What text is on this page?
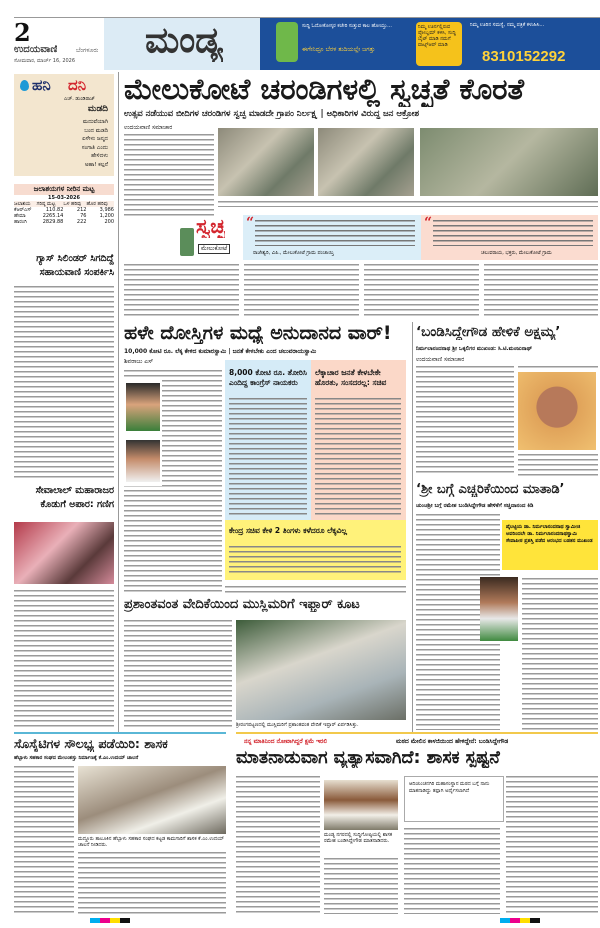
2
ಉದಯವಾಣಿ	ಬೆಂಗಳೂರು
ಸೋಮವಾರ, ಮಾರ್ಚ್ 16, 2026 ಮಂಡ್ಯ	ಸುದ್ದಿ ಓದೋಕೋಸ್ಕರ ಕಚೇರಿ ಸುತ್ತುವ ಕಾಲ ಹೋಯ್ತು...
ಈಗೇನಿದ್ರೂ ಬೆರಳ ತುದಿಯಲ್ಲೇ ಜಗತ್ತು
ನಿಮ್ಮ ಊರ್ನಲ್ಲಿರುವ ಪ್ರೋಬ್ಲಮ್ ಕಳಿಸಿ, ಸುದ್ದಿ ಬೈಟ್ ಮಾಡಿ ನಮಗೆ ವಾಟ್ಸ್ಆಪ್ ಮಾಡಿ
ನಿಮ್ಮ ಊರಿನ ಸಮಸ್ಯೆ, ನಮ್ಮ ಪತ್ರಿಕೆ ಕಳುಹಿಸಿ...
8310152292
ಮೇಲುಕೋಟೆ ಚರಂಡಿಗಳಲ್ಲಿ ಸ್ವಚ್ಛತೆ ಕೊರತೆ
ಉತ್ಸವ ನಡೆಯುವ ಬೀದಿಗಳ ಚರಂಡಿಗಳ ಸ್ವಚ್ಛ ಮಾಡದೇ ಗ್ರಾಪಂ ನಿರ್ಲಕ್ಷ್ಯ | ಅಧಿಕಾರಿಗಳ ವಿರುದ್ಧ ಜನ ಆಕ್ರೋಶ
ಉದಯವಾಣಿ ಸಮಾಚಾರ
ಸ್ವಚ್ಛ
ಮೇಲುಕೋಟೆ
“
ರಾಜೇಶ್ವರಿ, ವಿಪಿ., ಮೇಲುಕೋಟೆ ಗ್ರಾಮ ಪಂಚಾಯ್ತಿ
“
ಚಲುವರಾಯ, ಭಕ್ತರು, ಮೇಲುಕೋಟೆ ಗ್ರಾಮ
ಹನಿ ದನಿ
ಎಚ್. ಡುಂಡಿರಾಜ್
ಮಡದಿ
ಮದುವೆಯಾಗಿ
ಬಂದ ಮಡದಿ
ಏಳೇಳು ಜನ್ಮದ
ಸಂಗಾತಿ ಎಂದು
ಹೇಳಿದಳು
ಅಹಾ! ಕಲ್ಪನೆ
ಜಲಾಶಯಗಳ ನೀರಿನ ಮಟ್ಟ
15-03-2026
ಜಲಾಶಯ	ಗರಿಷ್ಠ ಮಟ್ಟ	ಒಳ ಹರಿವು	ಹೊರ ಹರಿವು
ಕೆಆರ್‌ಎಸ್	110.82	212	3,986
ಹೇಮಾ	2265.14	76	1,200
ಹಾರಂಗಿ	2829.88	222	200
ಗ್ಯಾಸ್ ಸಿಲಿಂಡರ್ ಸಿಗದಿದ್ದೆ ಸಹಾಯವಾಣಿ ಸಂಪರ್ಕಿಸಿ
ಸೇವಾಲಾಲ್ ಮಹಾರಾಜರ ಕೊಡುಗೆ ಅಪಾರ: ಗಣಿಗ
ಹಳೇ ದೋಸ್ತಿಗಳ ಮಧ್ಯೆ ಅನುದಾನದ ವಾರ್!
10,000 ಕೋಟಿ ರೂ. ಲೆಕ್ಕ ಕೇಳಿದ ಕುಮಾರಸ್ವಾಮಿ | ಜನತೆ ಕೇಳಬೇಕು ಎಂದ ಚಲುವರಾಯಸ್ವಾಮಿ
ಶಿವರಾಜು ಎಸ್
8,000 ಕೋಟಿ ರೂ. ತೋರಿಸಿ ಎಂದಿದ್ದ ಕಾಂಗ್ರೆಸ್ ನಾಯಕರು
ಲೆಕ್ಕಾಚಾರ ಜನತೆ ಕೇಳಬೇಕೇ ಹೊರತು, ಸಂಸದರಲ್ಲ: ಸಚಿವ
ಕೇಂದ್ರ ಸಚಿವ ಕೇಳಿ 2 ತಿಂಗಳು ಕಳೆದರೂ ಲೆಕ್ಕವಿಲ್ಲ
ಪ್ರಶಾಂತವಂತ ವೇದಿಕೆಯಿಂದ ಮುಸ್ಲಿಮರಿಗೆ ಇಫ್ತಾರ್ ಕೂಟ
ಶ್ರೀರಂಗಪಟ್ಟಣದಲ್ಲಿ ಮುಸ್ಲಿಮರಿಗೆ ಪ್ರಶಾಂತವಂತ ವೇದಿಕೆ ಇಫ್ತಾರ್ ಏರ್ಪಡಿಸಿತ್ತು.
‘ಬಂಡಿಸಿದ್ದೇಗೌಡ ಹೇಳಿಕೆ ಅಕ್ಷಮ್ಯ’
ನಿರ್ಮಲಾನಂದನಾಥ ಶ್ರೀ ಒಕ್ಕಲಿಗರ ಮುಖಂಡ: ಸಿ.ಟಿ.ಮಂಜುನಾಥ್
ಉದಯವಾಣಿ ಸಮಾಚಾರ
‘ಶ್ರೀ ಬಗ್ಗೆ ಎಚ್ಚರಿಕೆಯಿಂದ ಮಾತಾಡಿ’
ಚುಂಚಶ್ರೀ ಬಗ್ಗೆ ರಮೇಶ ಬಂಡಿಸಿದ್ದೇಗೌಡ ಹೇಳಿಕೆಗೆ ಸಚ್ಚಿದಾನಂದ ಕಿಡಿ
ಪೈಲಟ್ಟಿಯ ಡಾ. ನಿರ್ಮಲಾನಂದನಾಥ ಸ್ವಾಮೀಜಿ ಅವರಿಂದಲೇ ಡಾ. ನಿರ್ಮಲಾನಂದನಾಥಸ್ವಾಮಿ ಸೇವಾಪೀಠ ಪ್ರಶಸ್ತಿ ಪಡೆದ ಆರಂಭದ ಬಡತನ ಮುಖಂಡ
ಸೊಸೈಟಿಗಳ ಸೌಲಭ್ಯ ಪಡೆಯಿರಿ: ಶಾಸಕ
ಹೆಬ್ಬಾಳು ಸಹಕಾರ ಸಂಘದ ಮೇಲಂತಸ್ತು ನಿರ್ಮಾಣಕ್ಕೆ ಕೆ.ಎಂ.ಉದಯ್ ಚಾಲನೆ
ಮದ್ದೂರು ತಾಲೂಕಿನ ಹೆಬ್ಬಾಳು ಸಹಕಾರ ಸಂಘದ ಕಟ್ಟಡ ಕಾಮಗಾರಿಗೆ ಶಾಸಕ ಕೆ.ಎಂ.ಉದಯ್ ಚಾಲನೆ ನೀಡಿದರು.
ನನ್ನ ಮಾತಿನಿಂದ ನೋವಾಗಿದ್ದರೆ ಕ್ಷಮೆ ಇರಲಿ	ಮಠದ ಮೇಲಿನ ಕಾಳಜಿಯಿಂದ ಹೇಳಿದ್ದೇನೆ: ಬಂಡಿಸಿದ್ದೇಗೌಡ
ಮಾತನಾಡುವಾಗ ವ್ಯತ್ಯಾಸವಾಗಿದೆ: ಶಾಸಕ ಸ್ಪಷ್ಟನೆ
ಮಂಡ್ಯ ನಗರದಲ್ಲಿ ಸುದ್ದಿಗೋಷ್ಠಿಯಲ್ಲಿ ಶಾಸಕ ರಮೇಶ ಬಂಡಿಸಿದ್ದೇಗೌಡ ಮಾತನಾಡಿದರು.
ಆದಿಚುಂಚನಗಿರಿ ಮಹಾಸಂಸ್ಥಾನ ಮಠದ ಬಗ್ಗೆ ನಾನು ಮಾತನಾಡಿದ್ದು ತಪ್ಪಾಗಿ ಅರ್ಥೈಸಲಾಗಿದೆ
